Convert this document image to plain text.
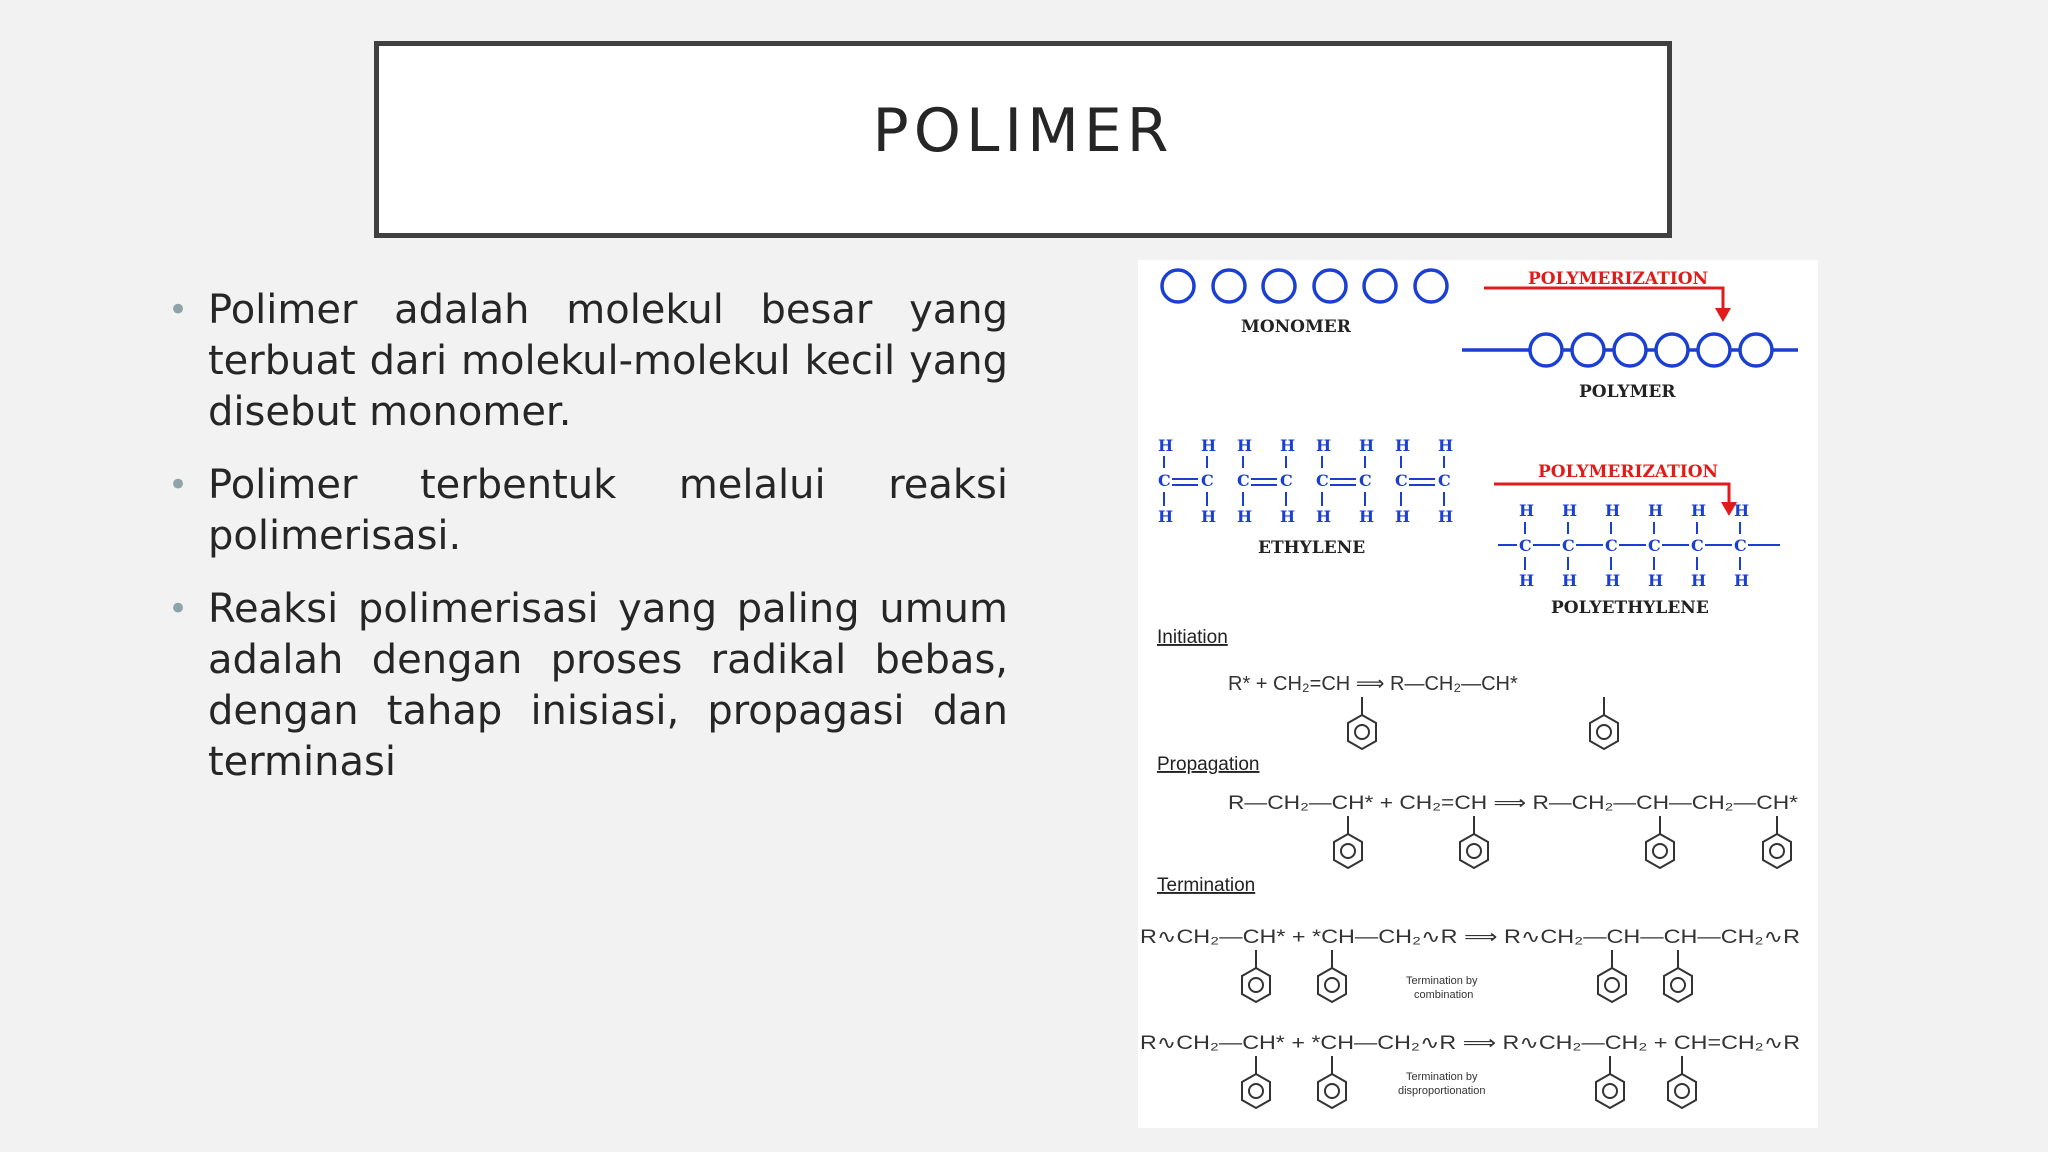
POLIMER
• Polimer adalah molekul besar yang terbuat dari molekul-molekul kecil yang disebut monomer.
• Polimer terbentuk melalui reaksi polimerisasi.
• Reaksi polimerisasi yang paling umum adalah dengan proses radikal bebas, dengan tahap inisiasi, propagasi dan terminasi
MONOMER
POLYMERIZATION
POLYMER
H H
C C
H H
H H
C C
H H
H H
C C
H H
H H
C C
H H
ETHYLENE
POLYMERIZATION
H
C
H
H
C
H
H
C
H
H
C
H
H
C
H
H
C
H
POLYETHYLENE
Initiation
Propagation
Termination
R* + CH₂=CH ⟹ R—CH₂—CH*
R—CH₂—CH* + CH₂=CH ⟹ R—CH₂—CH—CH₂—CH*
R∿CH₂—CH* + *CH—CH₂∿R ⟹ R∿CH₂—CH—CH—CH₂∿R
R∿CH₂—CH* + *CH—CH₂∿R ⟹ R∿CH₂—CH₂ + CH=CH₂∿R
Termination by
combination
Termination by
disproportionation
